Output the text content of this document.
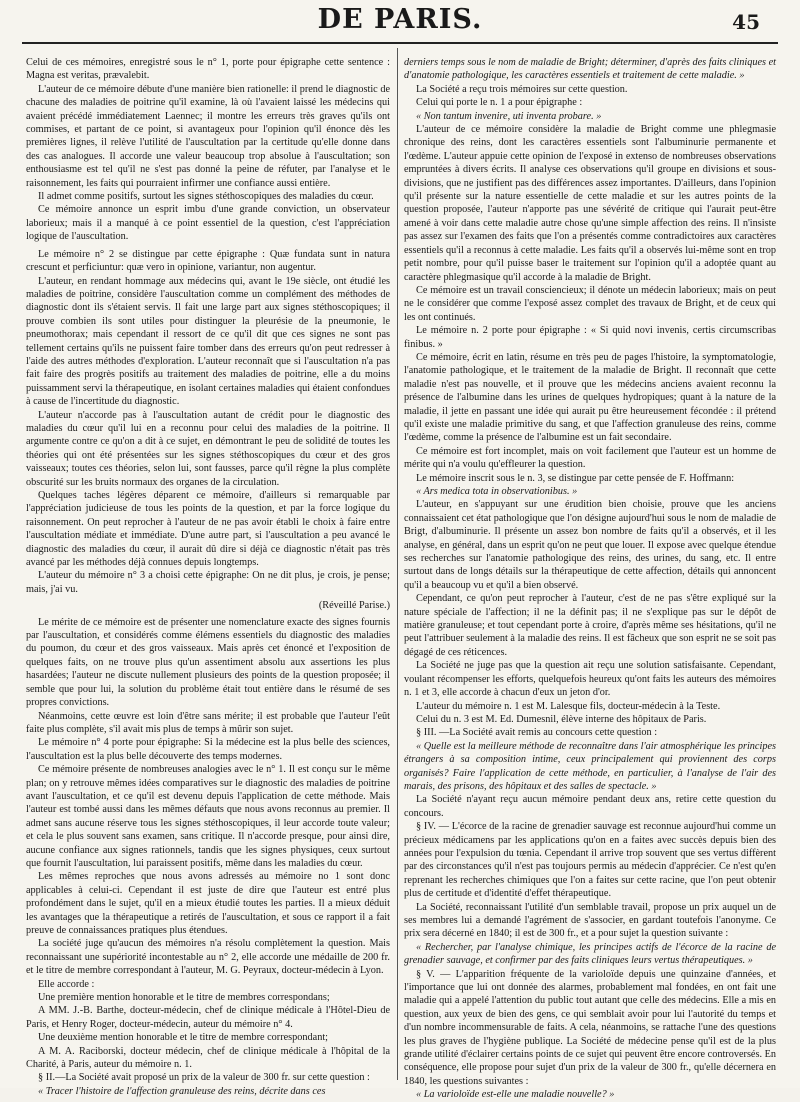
DE PARIS.	45

Celui de ces mémoires, enregistré sous le n° 1, porte pour épigraphe cette sentence : Magna est veritas, prævalebit.

L'auteur de ce mémoire débute d'une manière bien rationelle: il prend le diagnostic de chacune des maladies de poitrine qu'il examine, là où l'avaient laissé les médecins qui avaient précédé immédiatement Laennec; il montre les erreurs très graves qu'ils ont commises, et partant de ce point, si avantageux pour l'opinion qu'il énonce dès les premières lignes, il relève l'utilité de l'auscultation par la certitude qu'elle donne dans des cas analogues. Il accorde une valeur beaucoup trop absolue à l'auscultation; son enthousiasme est tel qu'il ne s'est pas donné la peine de réfuter, par l'analyse et le raisonnement, les faits qui pourraient infirmer une confiance aussi entière.

Il admet comme positifs, surtout les signes stéthoscopiques des maladies du cœur.

Ce mémoire annonce un esprit imbu d'une grande conviction, un observateur laborieux; mais il a manqué à ce point essentiel de la question, c'est l'appréciation logique de l'auscultation.

Le mémoire n° 2 se distingue par cette épigraphe : Quæ fundata sunt in natura crescunt et perficiuntur: quæ vero in opinione, variantur, non augentur.

L'auteur, en rendant hommage aux médecins qui, avant le 19e siècle, ont étudié les maladies de poitrine, considère l'auscultation comme un complément des méthodes de diagnostic dont ils s'étaient servis. Il fait une large part aux signes stéthoscopiques; il prouve combien ils sont utiles pour distinguer la pleurésie de la pneumonie, le pneumothorax; mais cependant il ressort de ce qu'il dit que ces signes ne sont pas tellement certains qu'ils ne puissent faire tomber dans des erreurs qu'on peut redresser à l'aide des autres méthodes d'exploration. L'auteur reconnaît que si l'auscultation n'a pas fait faire des progrès positifs au traitement des maladies de poitrine, elle a du moins puissamment servi la thérapeutique, en isolant certaines maladies qui étaient confondues à cause de l'incertitude du diagnostic.

L'auteur n'accorde pas à l'auscultation autant de crédit pour le diagnostic des maladies du cœur qu'il lui en a reconnu pour celui des maladies de la poitrine. Il argumente contre ce qu'on a dit à ce sujet, en démontrant le peu de solidité de toutes les théories qui ont été présentées sur les signes stéthoscopiques du cœur et des gros vaisseaux; toutes ces théories, selon lui, sont fausses, parce qu'il règne la plus complète obscurité sur les bruits normaux des organes de la circulation.

Quelques taches légères déparent ce mémoire, d'ailleurs si remarquable par l'appréciation judicieuse de tous les points de la question, et par la force logique du raisonnement. On peut reprocher à l'auteur de ne pas avoir établi le choix à faire entre l'auscultation médiate et immédiate. D'une autre part, si l'auscultation a peu avancé le diagnostic des maladies du cœur, il aurait dû dire si déjà ce diagnostic n'était pas très avancé par les méthodes déjà connues depuis longtemps.

L'auteur du mémoire n° 3 a choisi cette épigraphe: On ne dit plus, je crois, je pense; mais, j'ai vu.

(Réveillé Parise.)

Le mérite de ce mémoire est de présenter une nomenclature exacte des signes fournis par l'auscultation, et considérés comme élémens essentiels du diagnostic des maladies du poumon, du cœur et des gros vaisseaux. Mais après cet énoncé et l'exposition de quelques faits, on ne trouve plus qu'un assentiment absolu aux assertions les plus hasardées; l'auteur ne discute nullement plusieurs des points de la question proposée; il semble que pour lui, la solution du problème était tout entière dans le résumé de ses propres convictions.

Néanmoins, cette œuvre est loin d'être sans mérite; il est probable que l'auteur l'eût faite plus complète, s'il avait mis plus de temps à mûrir son sujet.

Le mémoire n° 4 porte pour épigraphe: Si la médecine est la plus belle des sciences, l'auscultation est la plus belle découverte des temps modernes.

Ce mémoire présente de nombreuses analogies avec le n° 1. Il est conçu sur le même plan; on y retrouve mêmes idées comparatives sur le diagnostic des maladies de poitrine avant l'auscultation, et ce qu'il est devenu depuis l'application de cette méthode. Mais l'auteur est tombé aussi dans les mêmes défauts que nous avons reconnus au premier. Il admet sans aucune réserve tous les signes stéthoscopiques, il leur accorde toute valeur; et cela le plus souvent sans examen, sans critique. Il n'accorde presque, pour ainsi dire, aucune confiance aux signes rationnels, tandis que les signes physiques, ceux surtout que fournit l'auscultation, lui paraissent positifs, même dans les maladies du cœur.

Les mêmes reproches que nous avons adressés au mémoire no 1 sont donc applicables à celui-ci. Cependant il est juste de dire que l'auteur est entré plus profondément dans le sujet, qu'il en a mieux étudié toutes les parties. Il a mieux déduit les avantages que la thérapeutique a retirés de l'auscultation, et sous ce rapport il a fait preuve de connaissances pratiques plus étendues.

La société juge qu'aucun des mémoires n'a résolu complètement la question. Mais reconnaissant une supériorité incontestable au n° 2, elle accorde une médaille de 200 fr. et le titre de membre correspondant à l'auteur, M. G. Peyraux, docteur-médecin à Lyon.

Elle accorde :

Une première mention honorable et le titre de membres correspondans;

A MM. J.-B. Barthe, docteur-médecin, chef de clinique médicale à l'Hôtel-Dieu de Paris, et Henry Roger, docteur-médecin, auteur du mémoire n° 4.

Une deuxième mention honorable et le titre de membre correspondant;

A M. A. Raciborski, docteur médecin, chef de clinique médicale à l'hôpital de la Charité, à Paris, auteur du mémoire n. 1.

§ II.—La Société avait proposé un prix de la valeur de 300 fr. sur cette question :

« Tracer l'histoire de l'affection granuleuse des reins, décrite dans ces

derniers temps sous le nom de maladie de Bright; déterminer, d'après des faits cliniques et d'anatomie pathologique, les caractères essentiels et traitement de cette maladie. »

La Société a reçu trois mémoires sur cette question.

Celui qui porte le n. 1 a pour épigraphe :

« Non tantum invenire, uti inventa probare. »

L'auteur de ce mémoire considère la maladie de Bright comme une phlegmasie chronique des reins, dont les caractères essentiels sont l'albuminurie permanente et l'œdème. L'auteur appuie cette opinion de l'exposé in extenso de nombreuses observations empruntées à divers écrits. Il analyse ces observations qu'il groupe en divisions et sous-divisions, que ne justifient pas des différences assez importantes. D'ailleurs, dans l'opinion qu'il présente sur la nature essentielle de cette maladie et sur les autres points de la question proposée, l'auteur n'apporte pas une sévérité de critique qui l'aurait peut-être amené à voir dans cette maladie autre chose qu'une simple affection des reins. Il n'insiste pas assez sur l'examen des faits que l'on a présentés comme contradictoires aux caractères essentiels qu'il a reconnus à cette maladie. Les faits qu'il a observés lui-même sont en trop petit nombre, pour qu'il puisse baser le traitement sur l'opinion qu'il a adoptée quant au caractère phlegmasique qu'il accorde à la maladie de Bright.

Ce mémoire est un travail consciencieux; il dénote un médecin laborieux; mais on peut ne le considérer que comme l'exposé assez complet des travaux de Bright, et de ceux qui les ont continués.

Le mémoire n. 2 porte pour épigraphe : « Si quid novi invenis, certis circumscribas finibus. »

Ce mémoire, écrit en latin, résume en très peu de pages l'histoire, la symptomatologie, l'anatomie pathologique, et le traitement de la maladie de Bright. Il reconnaît que cette maladie n'est pas nouvelle, et il prouve que les médecins anciens avaient reconnu la présence de l'albumine dans les urines de quelques hydropiques; quant à la nature de la maladie, il jette en passant une idée qui aurait pu être heureusement fécondée : il prétend qu'il existe une maladie primitive du sang, et que l'affection granuleuse des reins, comme l'œdème, comme la présence de l'albumine est un fait secondaire.

Ce mémoire est fort incomplet, mais on voit facilement que l'auteur est un homme de mérite qui n'a voulu qu'effleurer la question.

Le mémoire inscrit sous le n. 3, se distingue par cette pensée de F. Hoffmann:

« Ars medica tota in observationibus. »

L'auteur, en s'appuyant sur une érudition bien choisie, prouve que les anciens connaissaient cet état pathologique que l'on désigne aujourd'hui sous le nom de maladie de Brigt, d'albuminurie. Il présente un assez bon nombre de faits qu'il a observés, et il les analyse, en général, dans un esprit qu'on ne peut que louer. Il expose avec quelque étendue ses recherches sur l'anatomie pathologique des reins, des urines, du sang, etc. Il entre surtout dans de longs détails sur la thérapeutique de cette affection, détails qui annoncent qu'il a beaucoup vu et qu'il a bien observé.

Cependant, ce qu'on peut reprocher à l'auteur, c'est de ne pas s'être expliqué sur la nature spéciale de l'affection; il ne la définit pas; il ne s'explique pas sur le dépôt de matière granuleuse; et tout cependant porte à croire, d'après même ses hésitations, qu'il ne peut l'attribuer seulement à la maladie des reins. Il est fâcheux que son esprit ne se soit pas dégagé de ces réticences.

La Société ne juge pas que la question ait reçu une solution satisfaisante. Cependant, voulant récompenser les efforts, quelquefois heureux qu'ont faits les auteurs des mémoires n. 1 et 3, elle accorde à chacun d'eux un jeton d'or.

L'auteur du mémoire n. 1 est M. Lalesque fils, docteur-médecin à la Teste.

Celui du n. 3 est M. Ed. Dumesnil, élève interne des hôpitaux de Paris.

§ III. —La Société avait remis au concours cette question :

« Quelle est la meilleure méthode de reconnaître dans l'air atmosphérique les principes étrangers à sa composition intime, ceux principalement qui proviennent des corps organisés? Faire l'application de cette méthode, en particulier, à l'analyse de l'air des marais, des prisons, des hôpitaux et des salles de spectacle. »

La Société n'ayant reçu aucun mémoire pendant deux ans, retire cette question du concours.

§ IV. — L'écorce de la racine de grenadier sauvage est reconnue aujourd'hui comme un précieux médicamens par les applications qu'on en a faites avec succès depuis bien des années pour l'expulsion du tœnia. Cependant il arrive trop souvent que ses vertus diffèrent par des circonstances qu'il n'est pas toujours permis au médecin d'apprécier. Ce n'est qu'en reprenant les recherches chimiques que l'on a faites sur cette racine, que l'on peut obtenir plus de certitude et d'identité d'effet thérapeutique.

La Société, reconnaissant l'utilité d'un semblable travail, propose un prix auquel un de ses membres lui a demandé l'agrément de s'associer, en gardant toutefois l'anonyme. Ce prix sera décerné en 1840; il est de 300 fr., et a pour sujet la question suivante :

« Rechercher, par l'analyse chimique, les principes actifs de l'écorce de la racine de grenadier sauvage, et confirmer par des faits cliniques leurs vertus thérapeutiques. »

§ V. — L'apparition fréquente de la varioloïde depuis une quinzaine d'années, et l'importance que lui ont donnée des alarmes, probablement mal fondées, en ont fait une maladie qui a appelé l'attention du public tout autant que celle des médecins. Elle a mis en question, aux yeux de bien des gens, ce qui semblait avoir pour lui l'autorité du temps et d'un nombre incommensurable de faits. A cela, néanmoins, se rattache l'une des questions les plus graves de l'hygiène publique. La Société de médecine pense qu'il est de la plus grande utilité d'éclairer certains points de ce sujet qui peuvent être encore controversés. En conséquence, elle propose pour sujet d'un prix de la valeur de 300 fr., qu'elle décernera en 1840, les questions suivantes :

« La varioloïde est-elle une maladie nouvelle? »
